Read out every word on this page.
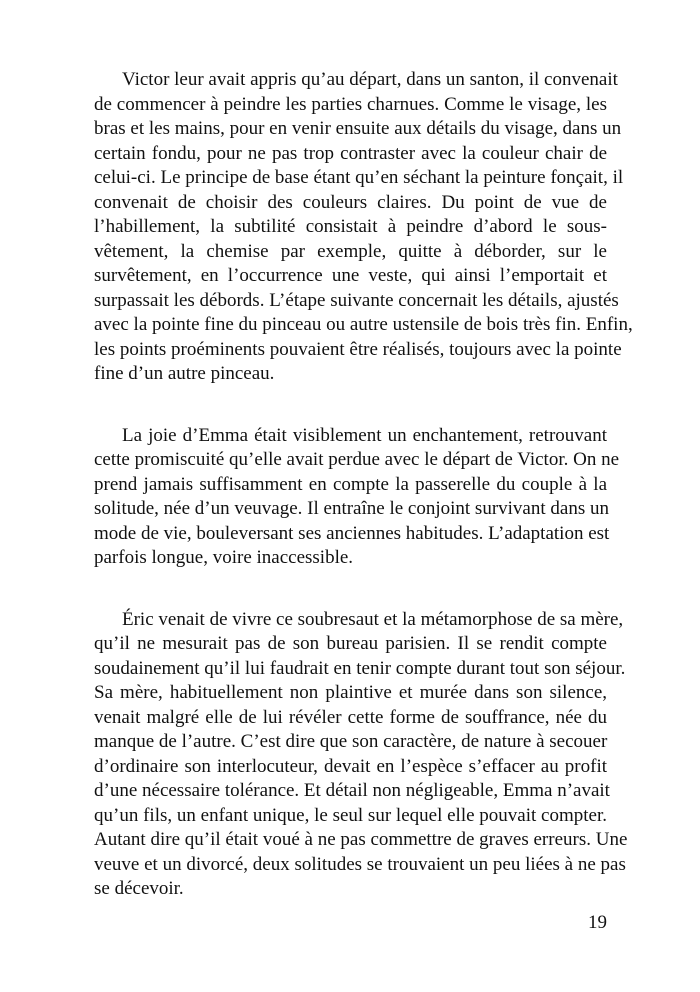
Victor leur avait appris qu’au départ, dans un santon, il convenait
de commencer à peindre les parties charnues. Comme le visage, les
bras et les mains, pour en venir ensuite aux détails du visage, dans un
certain fondu, pour ne pas trop contraster avec la couleur chair de
celui-ci. Le principe de base étant qu’en séchant la peinture fonçait, il
convenait de choisir des couleurs claires. Du point de vue de
l’habillement, la subtilité consistait à peindre d’abord le sous-
vêtement, la chemise par exemple, quitte à déborder, sur le
survêtement, en l’occurrence une veste, qui ainsi l’emportait et
surpassait les débords. L’étape suivante concernait les détails, ajustés
avec la pointe fine du pinceau ou autre ustensile de bois très fin. Enfin,
les points proéminents pouvaient être réalisés, toujours avec la pointe
fine d’un autre pinceau.
La joie d’Emma était visiblement un enchantement, retrouvant
cette promiscuité qu’elle avait perdue avec le départ de Victor. On ne
prend jamais suffisamment en compte la passerelle du couple à la
solitude, née d’un veuvage. Il entraîne le conjoint survivant dans un
mode de vie, bouleversant ses anciennes habitudes. L’adaptation est
parfois longue, voire inaccessible.
Éric venait de vivre ce soubresaut et la métamorphose de sa mère,
qu’il ne mesurait pas de son bureau parisien. Il se rendit compte
soudainement qu’il lui faudrait en tenir compte durant tout son séjour.
Sa mère, habituellement non plaintive et murée dans son silence,
venait malgré elle de lui révéler cette forme de souffrance, née du
manque de l’autre. C’est dire que son caractère, de nature à secouer
d’ordinaire son interlocuteur, devait en l’espèce s’effacer au profit
d’une nécessaire tolérance. Et détail non négligeable, Emma n’avait
qu’un fils, un enfant unique, le seul sur lequel elle pouvait compter.
Autant dire qu’il était voué à ne pas commettre de graves erreurs. Une
veuve et un divorcé, deux solitudes se trouvaient un peu liées à ne pas
se décevoir.
19
